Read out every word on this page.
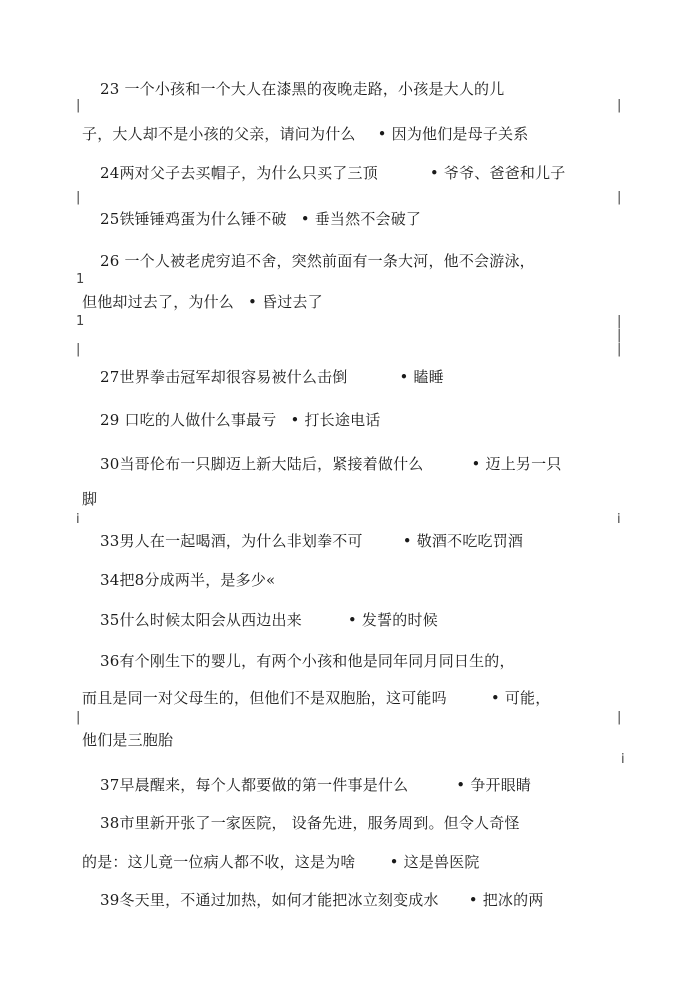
23 一个小孩和一个大人在漆黑的夜晚走路，小孩是大人的儿
子，大人却不是小孩的父亲，请问为什么 • 因为他们是母子关系
24两对父子去买帽子，为什么只买了三顶	• 爷爷、爸爸和儿子
25铁锤锤鸡蛋为什么锤不破 • 垂当然不会破了
26 一个人被老虎穷追不舍，突然前面有一条大河，他不会游泳，
但他却过去了，为什么 • 昏过去了
27世界拳击冠军却很容易被什么击倒	• 瞌睡
29 口吃的人做什么事最亏 • 打长途电话
30当哥伦布一只脚迈上新大陆后，紧接着做什么	• 迈上另一只
脚
33男人在一起喝酒，为什么非划拳不可	• 敬酒不吃吃罚酒
34把8分成两半，是多少«
35什么时候太阳会从西边出来	• 发誓的时候
36有个刚生下的婴儿，有两个小孩和他是同年同月同日生的，
而且是同一对父母生的，但他们不是双胞胎，这可能吗	• 可能，
他们是三胞胎
37早晨醒来，每个人都要做的第一件事是什么	• 争开眼睛
38市里新开张了一家医院， 设备先进，服务周到。但令人奇怪
的是：这儿竟一位病人都不收，这是为啥 • 这是兽医院
39冬天里，不通过加热，如何才能把冰立刻变成水 • 把冰的两
|	|
|	|
1
1	|
|	|
|
i	i
|	|
i
